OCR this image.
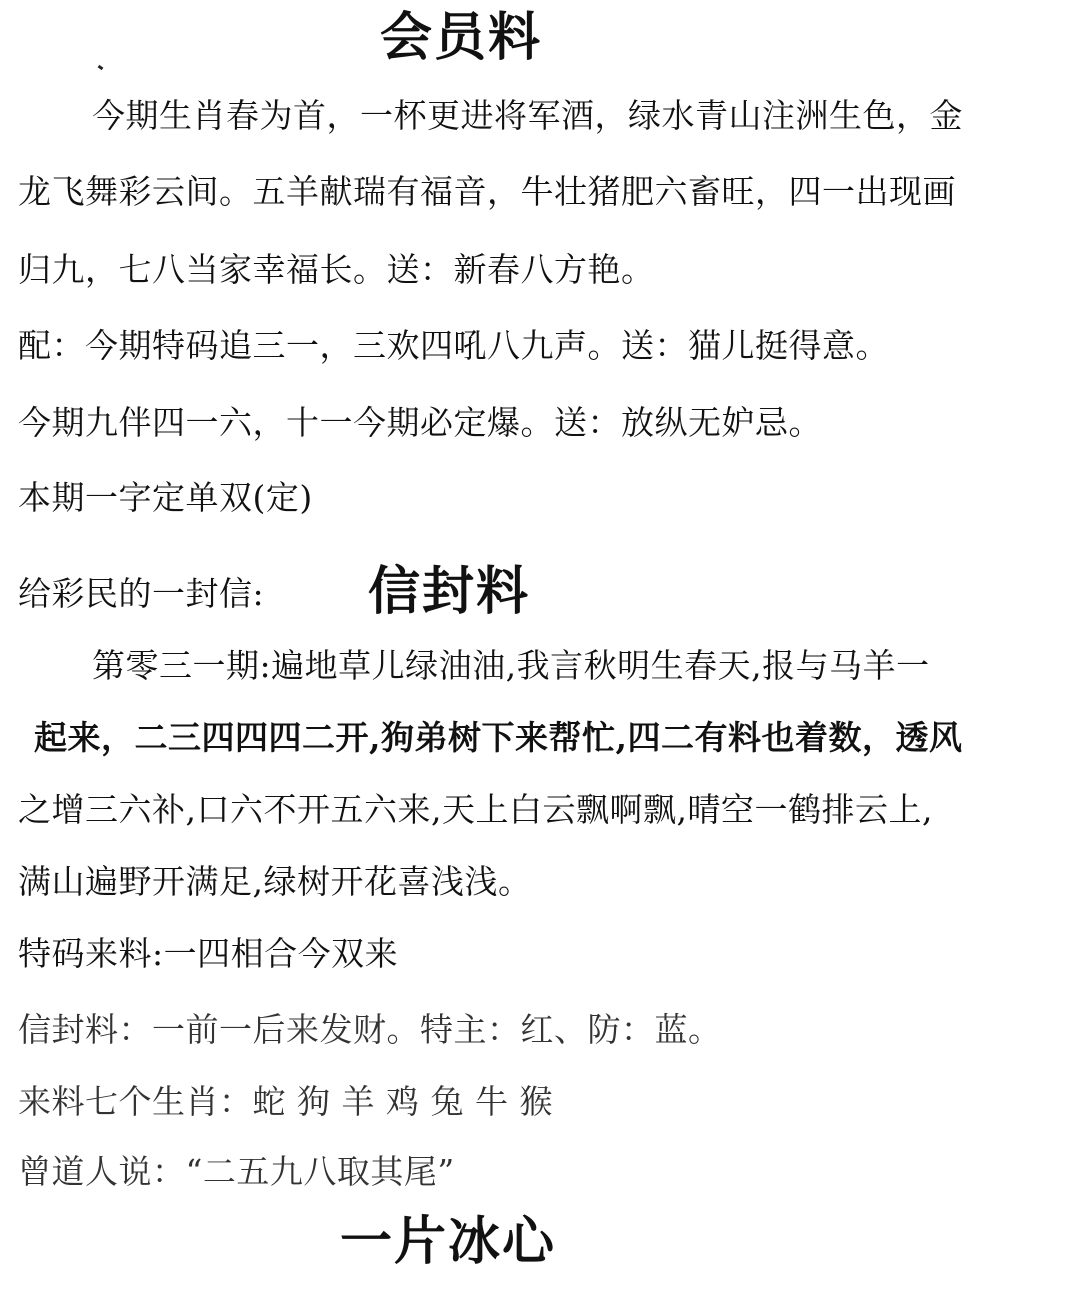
会员料
今期生肖春为首，一杯更进将军酒，绿水青山注洲生色，金
龙飞舞彩云间。五羊献瑞有福音，牛壮猪肥六畜旺，四一出现画
归九，七八当家幸福长。送：新春八方艳。
配：今期特码追三一，三欢四吼八九声。送：猫儿挺得意。
今期九伴四一六，十一今期必定爆。送：放纵无妒忌。
本期一字定单双(定)
给彩民的一封信: 信封料
第零三一期:遍地草儿绿油油,我言秋明生春天,报与马羊一
起来，二三四四四二开,狗弟树下来帮忙,四二有料也着数，透风
之增三六补,口六不开五六来,天上白云飘啊飘,晴空一鹤排云上,
满山遍野开满足,绿树开花喜浅浅。
特码来料:一四相合今双来
信封料：一前一后来发财。特主：红、防：蓝。
来料七个生肖：蛇 狗 羊 鸡 兔 牛 猴
曾道人说：“二五九八取其尾”
一片冰心
